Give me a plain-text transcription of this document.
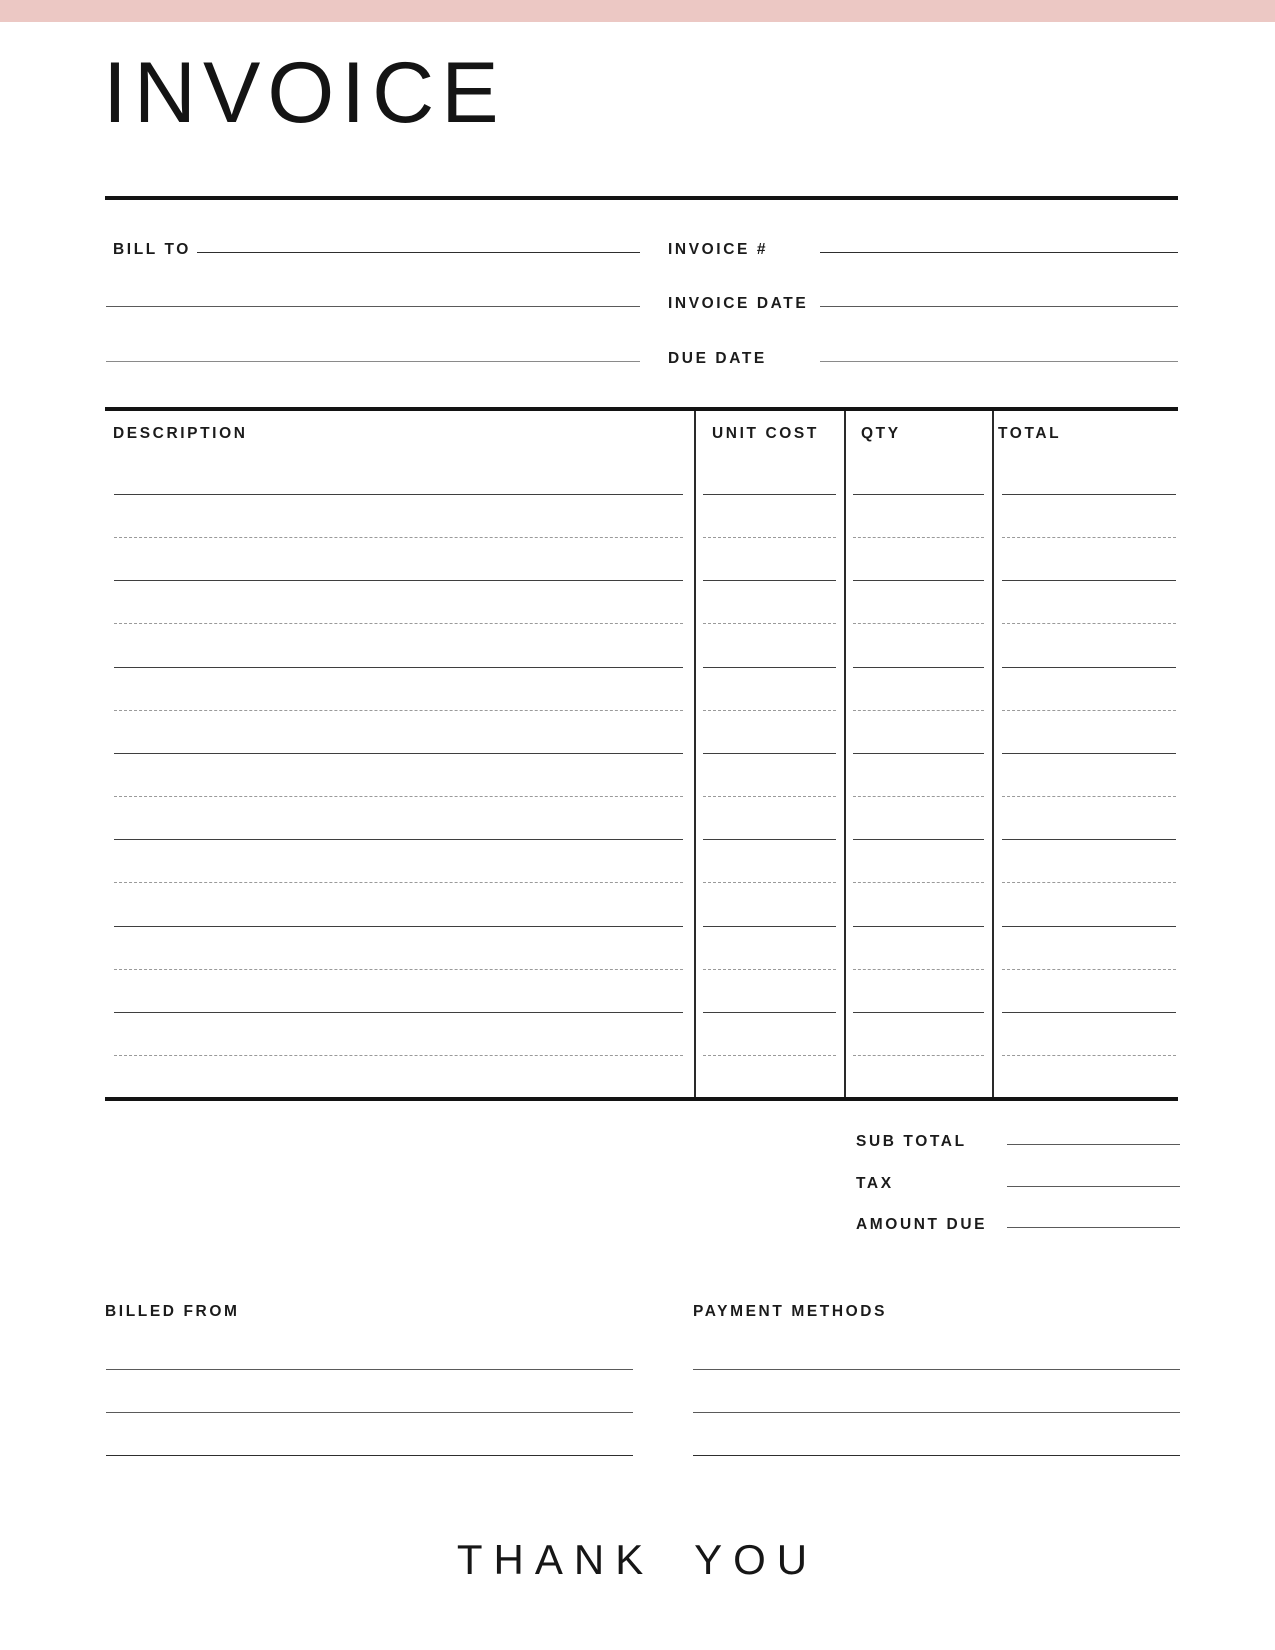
INVOICE
BILL TO	INVOICE #
INVOICE DATE
DUE DATE
DESCRIPTION	UNIT COST	QTY	TOTAL
SUB TOTAL
TAX
AMOUNT DUE
BILLED FROM	PAYMENT METHODS
THANK YOU
